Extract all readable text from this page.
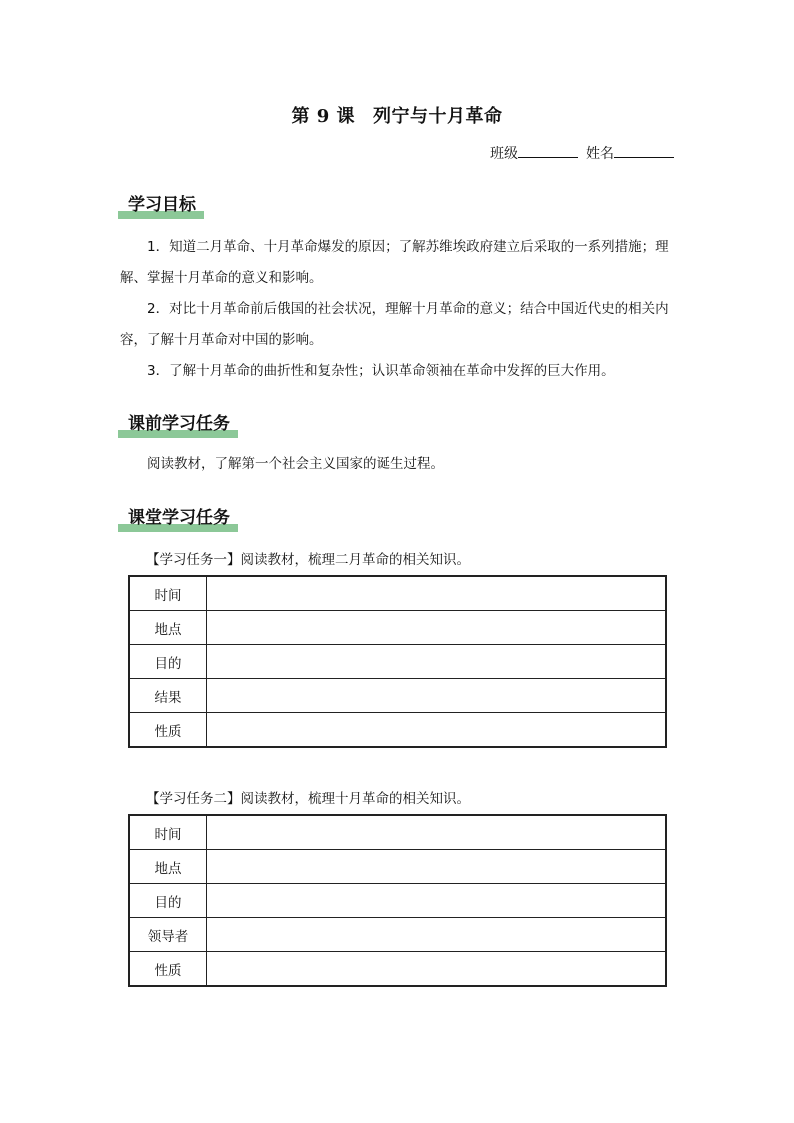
第 9 课 列宁与十月革命
班级	姓名
学习目标

1．知道二月革命、十月革命爆发的原因；了解苏维埃政府建立后采取的一系列措施；理解、掌握十月革命的意义和影响。

2．对比十月革命前后俄国的社会状况，理解十月革命的意义；结合中国近代史的相关内容，了解十月革命对中国的影响。

3．了解十月革命的曲折性和复杂性；认识革命领袖在革命中发挥的巨大作用。

课前学习任务

阅读教材，了解第一个社会主义国家的诞生过程。

课堂学习任务
【学习任务一】阅读教材，梳理二月革命的相关知识。
时间	
地点	
目的	
结果	
性质	
【学习任务二】阅读教材，梳理十月革命的相关知识。
时间	
地点	
目的	
领导者	
性质	
